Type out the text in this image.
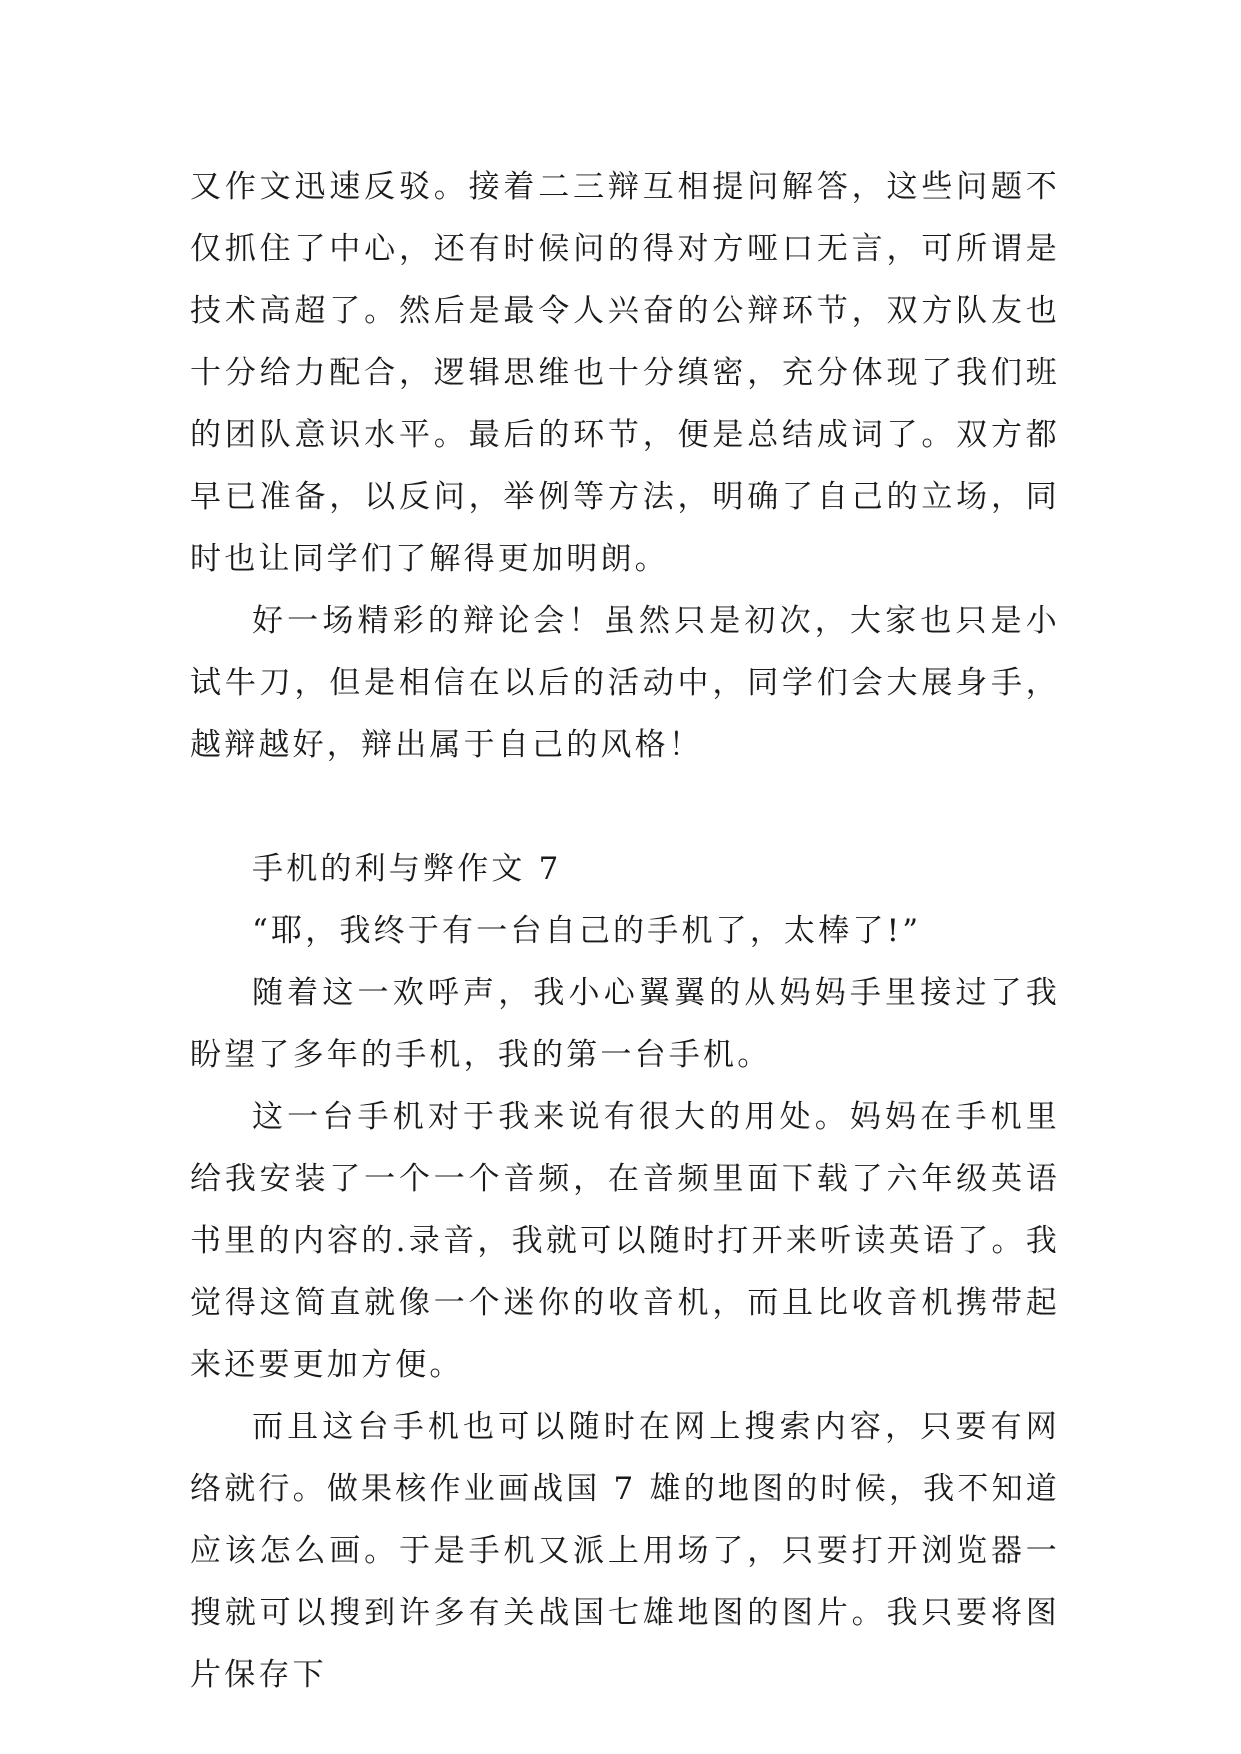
又作文迅速反驳。接着二三辩互相提问解答，这些问题不仅抓住了中心，还有时候问的得对方哑口无言，可所谓是技术高超了。然后是最令人兴奋的公辩环节，双方队友也十分给力配合，逻辑思维也十分缜密，充分体现了我们班的团队意识水平。最后的环节，便是总结成词了。双方都早已准备，以反问，举例等方法，明确了自己的立场，同时也让同学们了解得更加明朗。

好一场精彩的辩论会！虽然只是初次，大家也只是小试牛刀，但是相信在以后的活动中，同学们会大展身手，越辩越好，辩出属于自己的风格！

手机的利与弊作文 7

“耶，我终于有一台自己的手机了，太棒了!”

随着这一欢呼声，我小心翼翼的从妈妈手里接过了我盼望了多年的手机，我的第一台手机。

这一台手机对于我来说有很大的用处。妈妈在手机里给我安装了一个一个音频，在音频里面下载了六年级英语书里的内容的.录音，我就可以随时打开来听读英语了。我觉得这简直就像一个迷你的收音机，而且比收音机携带起来还要更加方便。

而且这台手机也可以随时在网上搜索内容，只要有网络就行。做果核作业画战国 7 雄的地图的时候，我不知道应该怎么画。于是手机又派上用场了，只要打开浏览器一搜就可以搜到许多有关战国七雄地图的图片。我只要将图片保存下
